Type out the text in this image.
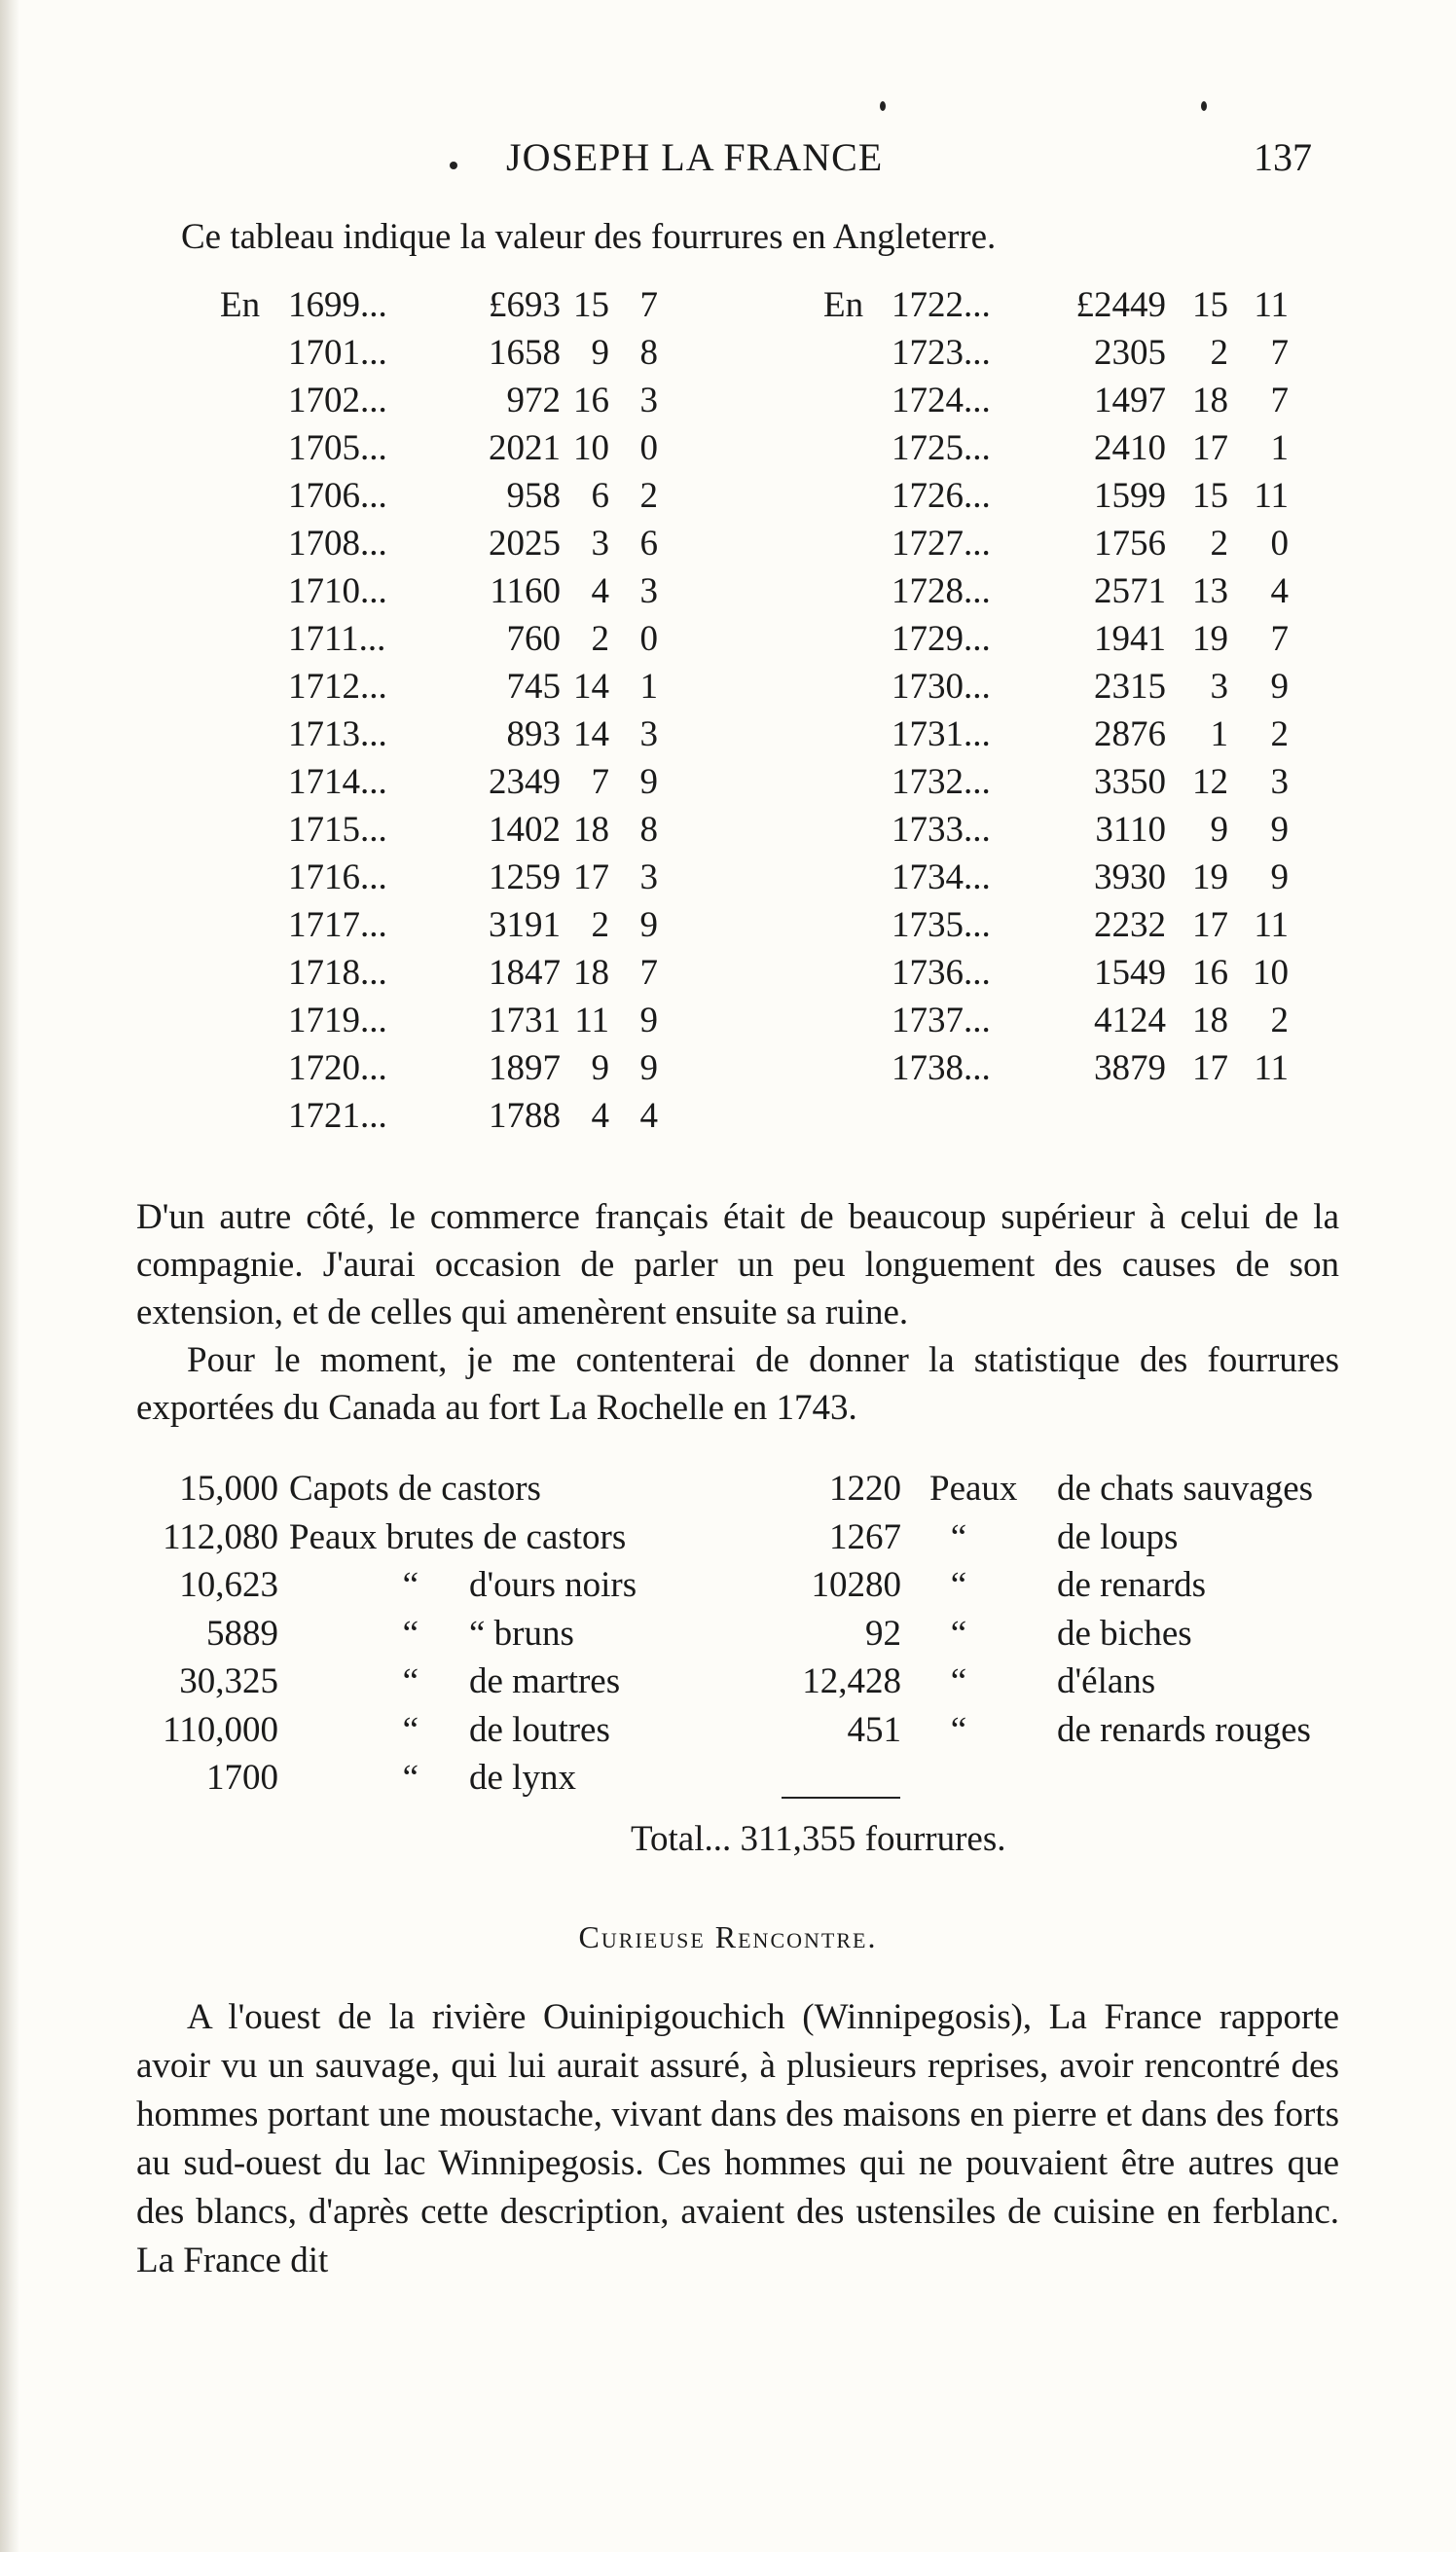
JOSEPH LA FRANCE	137
Ce tableau indique la valeur des fourrures en Angleterre.
En 1699...	£693 15 7
1701...	1658 9 8
1702...	972 16 3
1705...	2021 10 0
1706...	958 6 2
1708...	2025 3 6
1710...	1160 4 3
1711...	760 2 0
1712...	745 14 1
1713...	893 14 3
1714...	2349 7 9
1715...	1402 18 8
1716...	1259 17 3
1717...	3191 2 9
1718...	1847 18 7
1719...	1731 11 9
1720...	1897 9 9
1721...	1788 4 4
En 1722...	£2449 15 11
1723...	2305	2	7
1724...	1497 18	7
1725...	2410 17	1
1726...	1599 15 11
1727...	1756	2	0
1728...	2571 13	4
1729...	1941 19	7
1730...	2315	3	9
1731...	2876	1	2
1732...	3350 12	3
1733...	3110	9	9
1734...	3930 19	9
1735...	2232 17 11
1736...	1549 16 10
1737...	4124 18	2
1738...	3879 17 11

D'un autre côté, le commerce français était de beaucoup supérieur à celui de la compagnie. J'aurai occasion de parler un peu longuement des causes de son extension, et de celles qui amenèrent ensuite sa ruine.

Pour le moment, je me contenterai de donner la statistique des fourrures exportées du Canada au fort La Rochelle en 1743.

15,000 Capots de castors	1220 Peaux de chats sauvages
112,080 Peaux brutes de castors	1267	“	de loups
10,623	“ d'ours noirs	10280	“	de renards
5889	“ “ bruns	92	“	de biches
30,325	“ de martres	12,428	“	d'élans
110,000	“ de loutres	451	“	de renards rouges
1700	“ de lynx
Total... 311,355 fourrures.
Curieuse Rencontre.

A l'ouest de la rivière Ouinipigouchich (Winnipegosis), La France rapporte avoir vu un sauvage, qui lui aurait assuré, à plusieurs reprises, avoir rencontré des hommes portant une moustache, vivant dans des maisons en pierre et dans des forts au sud-ouest du lac Winnipegosis. Ces hommes qui ne pouvaient être autres que des blancs, d'après cette description, avaient des ustensiles de cuisine en ferblanc. La France dit
